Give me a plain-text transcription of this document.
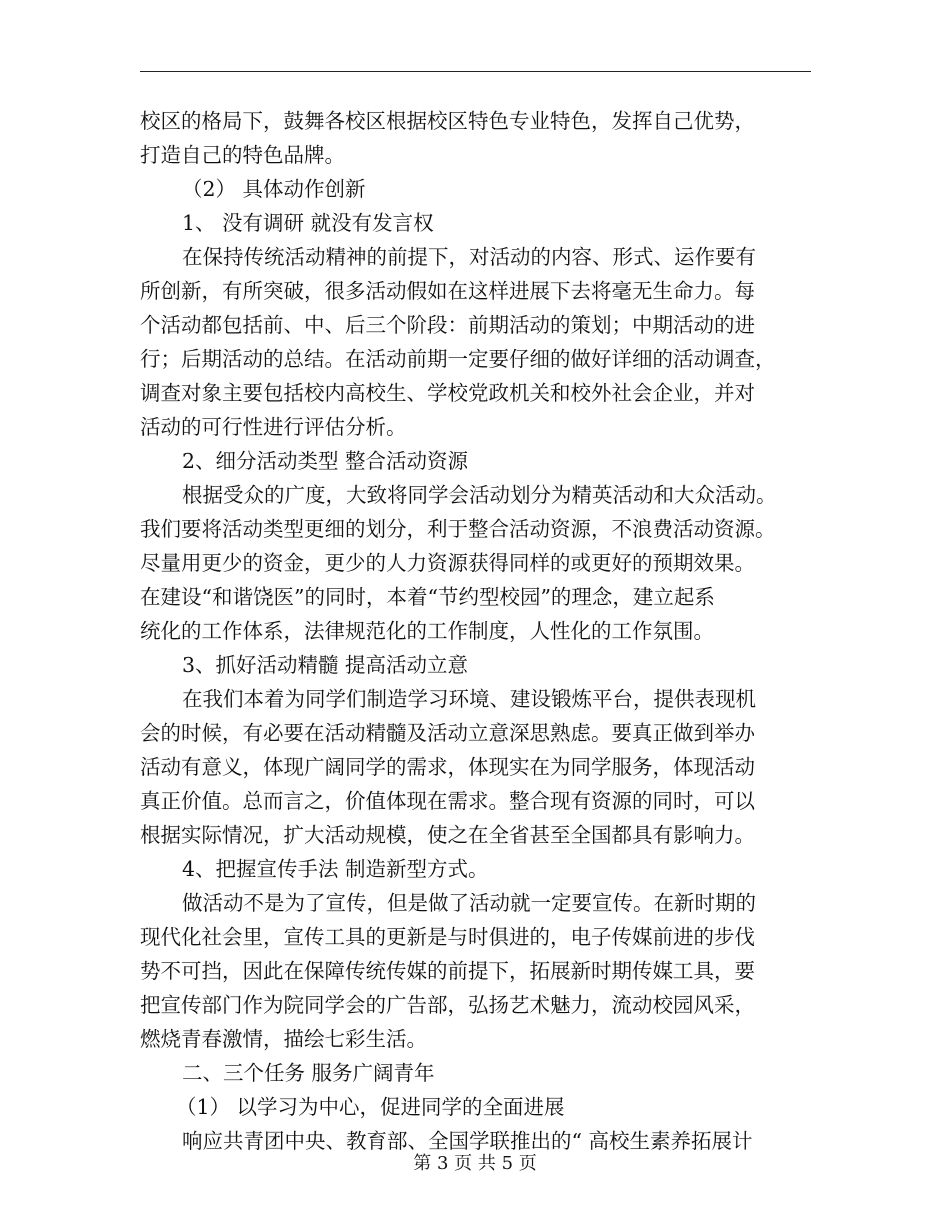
校区的格局下，鼓舞各校区根据校区特色专业特色，发挥自己优势，
打造自己的特色品牌。
（2） 具体动作创新
1、 没有调研 就没有发言权
在保持传统活动精神的前提下，对活动的内容、形式、运作要有
所创新，有所突破，很多活动假如在这样进展下去将毫无生命力。每
个活动都包括前、中、后三个阶段：前期活动的策划；中期活动的进
行；后期活动的总结。在活动前期一定要仔细的做好详细的活动调查，
调查对象主要包括校内高校生、学校党政机关和校外社会企业，并对
活动的可行性进行评估分析。
2、细分活动类型 整合活动资源
根据受众的广度，大致将同学会活动划分为精英活动和大众活动。
我们要将活动类型更细的划分，利于整合活动资源，不浪费活动资源。
尽量用更少的资金，更少的人力资源获得同样的或更好的预期效果。
在建设“和谐饶医”的同时，本着“节约型校园”的理念，建立起系
统化的工作体系，法律规范化的工作制度，人性化的工作氛围。
3、抓好活动精髓 提高活动立意
在我们本着为同学们制造学习环境、建设锻炼平台，提供表现机
会的时候，有必要在活动精髓及活动立意深思熟虑。要真正做到举办
活动有意义，体现广阔同学的需求，体现实在为同学服务，体现活动
真正价值。总而言之，价值体现在需求。整合现有资源的同时，可以
根据实际情况，扩大活动规模，使之在全省甚至全国都具有影响力。
4、把握宣传手法 制造新型方式。
做活动不是为了宣传，但是做了活动就一定要宣传。在新时期的
现代化社会里，宣传工具的更新是与时俱进的，电子传媒前进的步伐
势不可挡，因此在保障传统传媒的前提下，拓展新时期传媒工具，要
把宣传部门作为院同学会的广告部，弘扬艺术魅力，流动校园风采，
燃烧青春激情，描绘七彩生活。
二、三个任务 服务广阔青年
（1） 以学习为中心，促进同学的全面进展
响应共青团中央、教育部、全国学联推出的“ 高校生素养拓展计
第 3 页 共 5 页
